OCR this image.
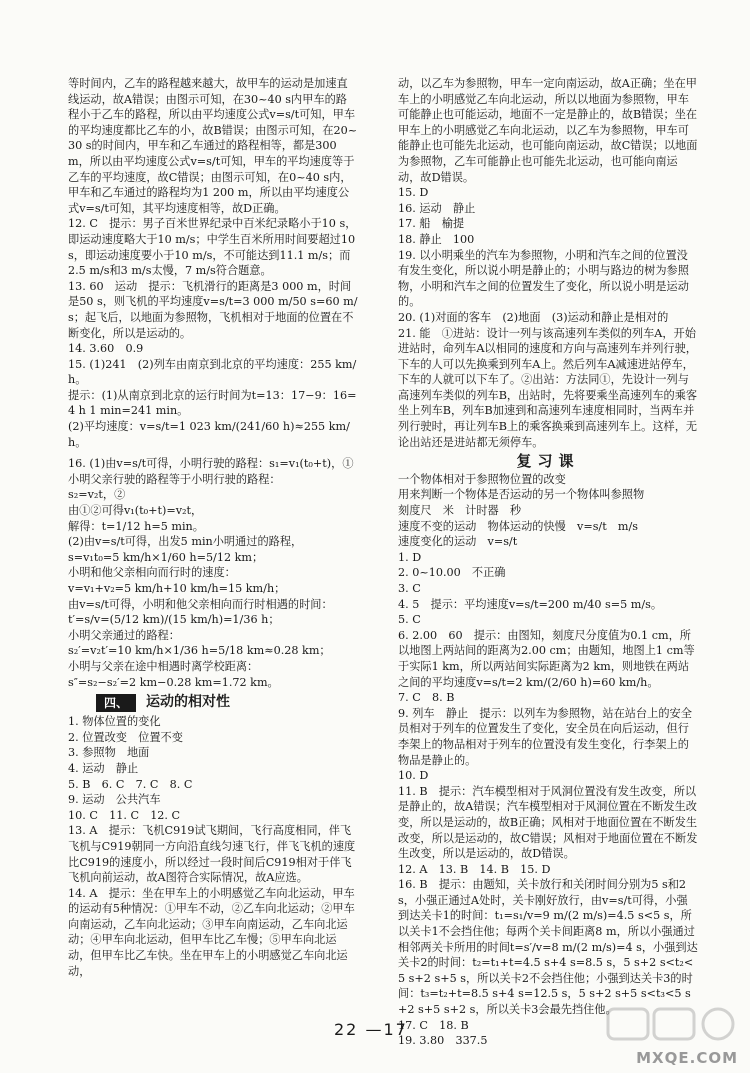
等时间内，乙车的路程越来越大，故甲车的运动是加速直线运动，故A错误；由图示可知，在30~40 s内甲车的路程小于乙车的路程，所以由平均速度公式v=s/t可知，甲车的平均速度都比乙车的小，故B错误；由图示可知，在20~30 s的时间内，甲车和乙车通过的路程相等，都是300 m，所以由平均速度公式v=s/t可知，甲车的平均速度等于乙车的平均速度，故C错误；由图示可知，在0~40 s内，甲车和乙车通过的路程均为1 200 m，所以由平均速度公式v=s/t可知，其平均速度相等，故D正确。
12. C　提示：男子百米世界纪录中百米纪录略小于10 s，即运动速度略大于10 m/s；中学生百米所用时间要超过10 s，即运动速度要小于10 m/s，不可能达到11.1 m/s；而2.5 m/s和3 m/s太慢，7 m/s符合题意。
13. 60　运动　提示：飞机滑行的距离是3 000 m，时间是50 s，则飞机的平均速度v=s/t=3 000 m/50 s=60 m/s；起飞后，以地面为参照物，飞机相对于地面的位置在不断变化，所以是运动的。
14. 3.60　0.9
15. (1)241　(2)列车由南京到北京的平均速度：255 km/h。
提示：(1)从南京到北京的运行时间为t=13：17−9：16=4 h 1 min=241 min。
(2)平均速度：v=s/t=1 023 km/(241/60 h)≈255 km/h。
16. (1)由v=s/t可得，小明行驶的路程：s₁=v₁(t₀+t)，①
小明父亲行驶的路程等于小明行驶的路程：
s₂=v₂t，②
由①②可得v₁(t₀+t)=v₂t，
解得：t=1/12 h=5 min。
(2)由v=s/t可得，出发5 min小明通过的路程，
s=v₁t₀=5 km/h×1/60 h=5/12 km；
小明和他父亲相向而行时的速度：
v=v₁+v₂=5 km/h+10 km/h=15 km/h；
由v=s/t可得，小明和他父亲相向而行时相遇的时间：
t′=s/v=(5/12 km)/(15 km/h)=1/36 h；
小明父亲通过的路程：
s₂′=v₂t′=10 km/h×1/36 h=5/18 km≈0.28 km；
小明与父亲在途中相遇时离学校距离：
s″=s₂−s₂′=2 km−0.28 km=1.72 km。
四、	运动的相对性
1. 物体位置的变化
2. 位置改变　位置不变
3. 参照物　地面
4. 运动　静止
5. B　6. C　7. C　8. C
9. 运动　公共汽车
10. C　11. C　12. C
13. A　提示：飞机C919试飞期间，飞行高度相同，伴飞飞机与C919朝同一方向沿直线匀速飞行，伴飞飞机的速度比C919的速度小，所以经过一段时间后C919相对于伴飞飞机向前运动，故A图符合实际情况，故A应选。
14. A　提示：坐在甲车上的小明感觉乙车向北运动，甲车的运动有5种情况：①甲车不动，②乙车向北运动；②甲车向南运动，乙车向北运动；③甲车向南运动，乙车向北运动；④甲车向北运动，但甲车比乙车慢；⑤甲车向北运动，但甲车比乙车快。坐在甲车上的小明感觉乙车向北运动，
动，以乙车为参照物，甲车一定向南运动，故A正确；坐在甲车上的小明感觉乙车向北运动，所以以地面为参照物，甲车可能静止也可能运动，地面不一定是静止的，故B错误；坐在甲车上的小明感觉乙车向北运动，以乙车为参照物，甲车可能静止也可能先北运动，也可能向南运动，故C错误；以地面为参照物，乙车可能静止也可能先北运动，也可能向南运动，故D错误。
15. D
16. 运动　静止
17. 船　榆提
18. 静止　100
19. 以小明乘坐的汽车为参照物，小明和汽车之间的位置没有发生变化，所以说小明是静止的；小明与路边的树为参照物，小明和汽车之间的位置发生了变化，所以说小明是运动的。
20. (1)对面的客车　(2)地面　(3)运动和静止是相对的
21. 能　①进站：设计一列与该高速列车类似的列车A，开始进站时，命列车A以相同的速度和方向与高速列车并列行驶，下车的人可以先换乘到列车A上。然后列车A减速进站停车，下车的人就可以下车了。②出站：方法同①，先设计一列与高速列车类似的列车B，出站时，先将要乘坐高速列车的乘客坐上列车B，列车B加速到和高速列车速度相同时，当两车并列行驶时，再让列车B上的乘客换乘到高速列车上。这样，无论出站还是进站都无须停车。
复习课
一个物体相对于参照物位置的改变
用来判断一个物体是否运动的另一个物体叫参照物
刻度尺　米　计时器　秒
速度不变的运动　物体运动的快慢　v=s/t　m/s
速度变化的运动　v=s/t
1. D
2. 0~10.00　不正确
3. C
4. 5　提示：平均速度v=s/t=200 m/40 s=5 m/s。
5. C
6. 2.00　60　提示：由图知，刻度尺分度值为0.1 cm，所以地图上两站间的距离为2.00 cm；由题知，地图上1 cm等于实际1 km，所以两站间实际距离为2 km，则地铁在两站之间的平均速度v=s/t=2 km/(2/60 h)=60 km/h。
7. C　8. B
9. 列车　静止　提示：以列车为参照物，站在站台上的安全员相对于列车的位置发生了变化，安全员在向后运动，但行李架上的物品相对于列车的位置没有发生变化，行李架上的物品是静止的。
10. D
11. B　提示：汽车模型相对于风洞位置没有发生改变，所以是静止的，故A错误；汽车模型相对于风洞位置在不断发生改变，所以是运动的，故B正确；风相对于地面位置在不断发生改变，所以是运动的，故C错误；风相对于地面位置在不断发生改变，所以是运动的，故D错误。
12. A　13. B　14. B　15. D
16. B　提示：由题知，关卡放行和关闭时间分别为5 s和2 s，小强正通过A处时，关卡刚好放行，由v=s/t可得，小强到达关卡1的时间：t₁=s₁/v=9 m/(2 m/s)=4.5 s<5 s，所以关卡1不会挡住他；每两个关卡间距离8 m，所以小强通过相邻两关卡所用的时间t=s′/v=8 m/(2 m/s)=4 s，小强到达关卡2的时间：t₂=t₁+t=4.5 s+4 s=8.5 s，5 s+2 s<t₂<5 s+2 s+5 s，所以关卡2不会挡住他；小强到达关卡3的时间：t₃=t₂+t=8.5 s+4 s=12.5 s，5 s+2 s+5 s<t₃<5 s+2 s+5 s+2 s，所以关卡3会最先挡住他。
17. C　18. B
19. 3.80　337.5
22 —17
MXQE.COM
